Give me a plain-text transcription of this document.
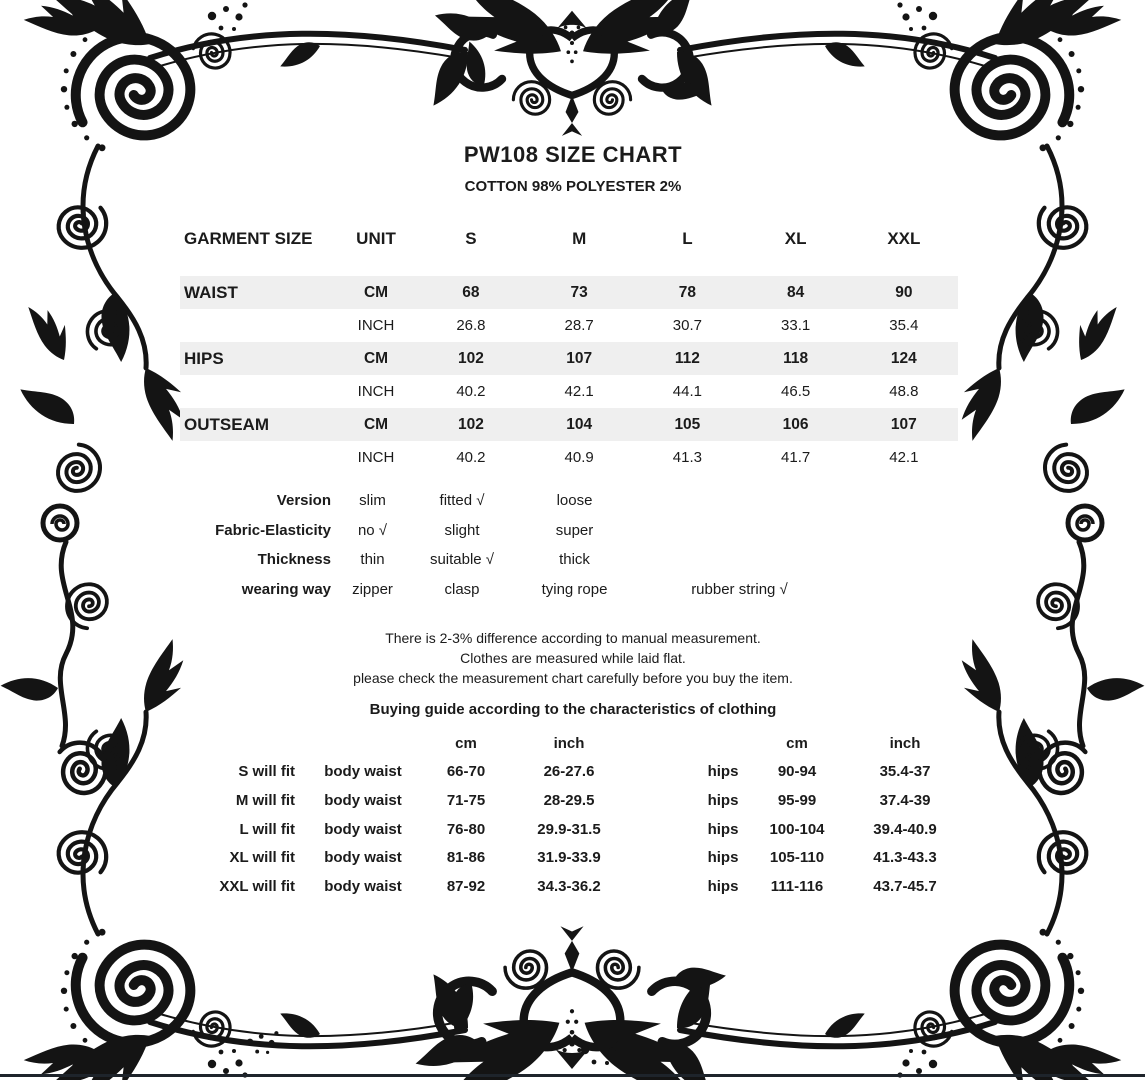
PW108 SIZE CHART
COTTON 98% POLYESTER 2%
GARMENT SIZE	UNIT	S	M	L	XL	XXL
WAIST	CM	68	73	78	84	90
INCH	26.8	28.7	30.7	33.1	35.4
HIPS	CM	102	107	112	118	124
INCH	40.2	42.1	44.1	46.5	48.8
OUTSEAM	CM	102	104	105	106	107
INCH	40.2	40.9	41.3	41.7	42.1
Version	slim	fitted √	loose
Fabric-Elasticity	no √	slight	super
Thickness	thin	suitable √	thick
wearing way	zipper	clasp	tying rope	rubber string √
There is 2-3% difference according to manual measurement.
Clothes are measured while laid flat.
please check the measurement chart carefully before you buy the item.
Buying guide according to the characteristics of clothing
cm	inch	cm	inch
S will fit	body waist	66-70	26-27.6	hips	90-94	35.4-37
M will fit	body waist	71-75	28-29.5	hips	95-99	37.4-39
L will fit	body waist	76-80	29.9-31.5	hips	100-104	39.4-40.9
XL will fit	body waist	81-86	31.9-33.9	hips	105-110	41.3-43.3
XXL will fit	body waist	87-92	34.3-36.2	hips	111-116	43.7-45.7
